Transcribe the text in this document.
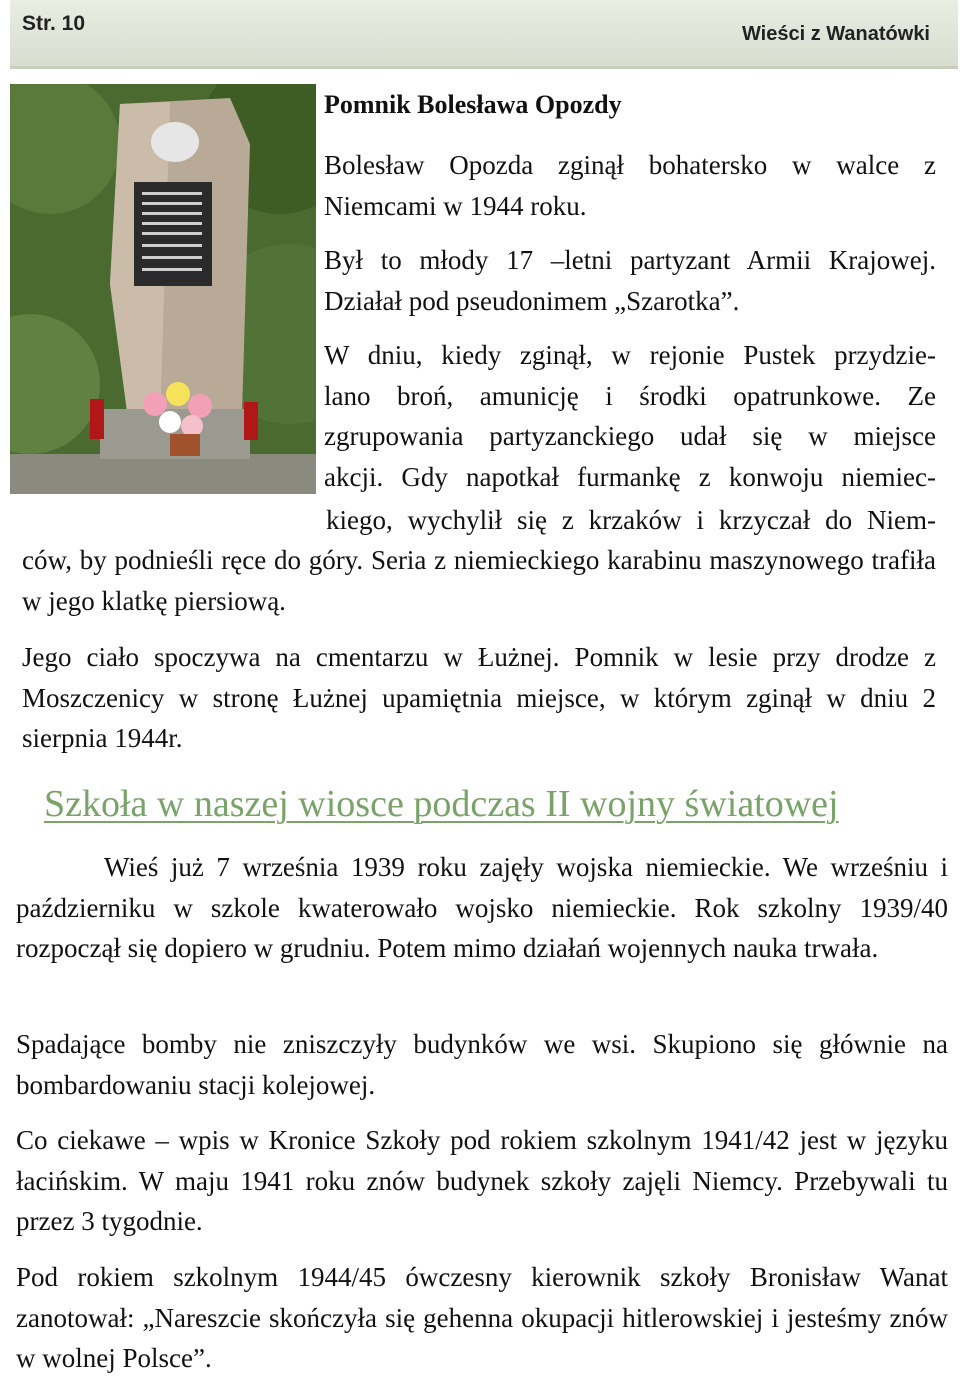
Str. 10	Wieści z Wanatówki
Pomnik Bolesława Opozdy
Bolesław Opozda zginął bohatersko w walce z Niemcami w 1944 roku.
Był to młody 17 –letni partyzant Armii Krajowej. Działał pod pseudonimem „Szarotka”.
W dniu, kiedy zginął, w rejonie Pustek przydzie-
lano broń, amunicję i środki opatrunkowe. Ze
zgrupowania partyzanckiego udał się w miejsce
akcji. Gdy napotkał furmankę z konwoju niemiec-
kiego, wychylił się z krzaków i krzyczał do Niem-
ców, by podnieśli ręce do góry. Seria z niemieckiego karabinu maszynowego trafiła w jego klatkę piersiową.
Jego ciało spoczywa na cmentarzu w Łużnej. Pomnik w lesie przy drodze z Moszczenicy w stronę Łużnej upamiętnia miejsce, w którym zginął w dniu 2 sierpnia 1944r.
Szkoła w naszej wiosce podczas II wojny światowej
Wieś już 7 września 1939 roku zajęły wojska niemieckie. We wrześniu i październiku w szkole kwaterowało wojsko niemieckie. Rok szkolny 1939/40 rozpoczął się dopiero w grudniu. Potem mimo działań wojennych nauka trwała.
Spadające bomby nie zniszczyły budynków we wsi. Skupiono się głównie na bombardowaniu stacji kolejowej.
Co ciekawe – wpis w Kronice Szkoły pod rokiem szkolnym 1941/42 jest w języku łacińskim. W maju 1941 roku znów budynek szkoły zajęli Niemcy. Przebywali tu przez 3 tygodnie.
Pod rokiem szkolnym 1944/45 ówczesny kierownik szkoły Bronisław Wanat zanotował: „Nareszcie skończyła się gehenna okupacji hitlerowskiej i jesteśmy znów w wolnej Polsce”.
